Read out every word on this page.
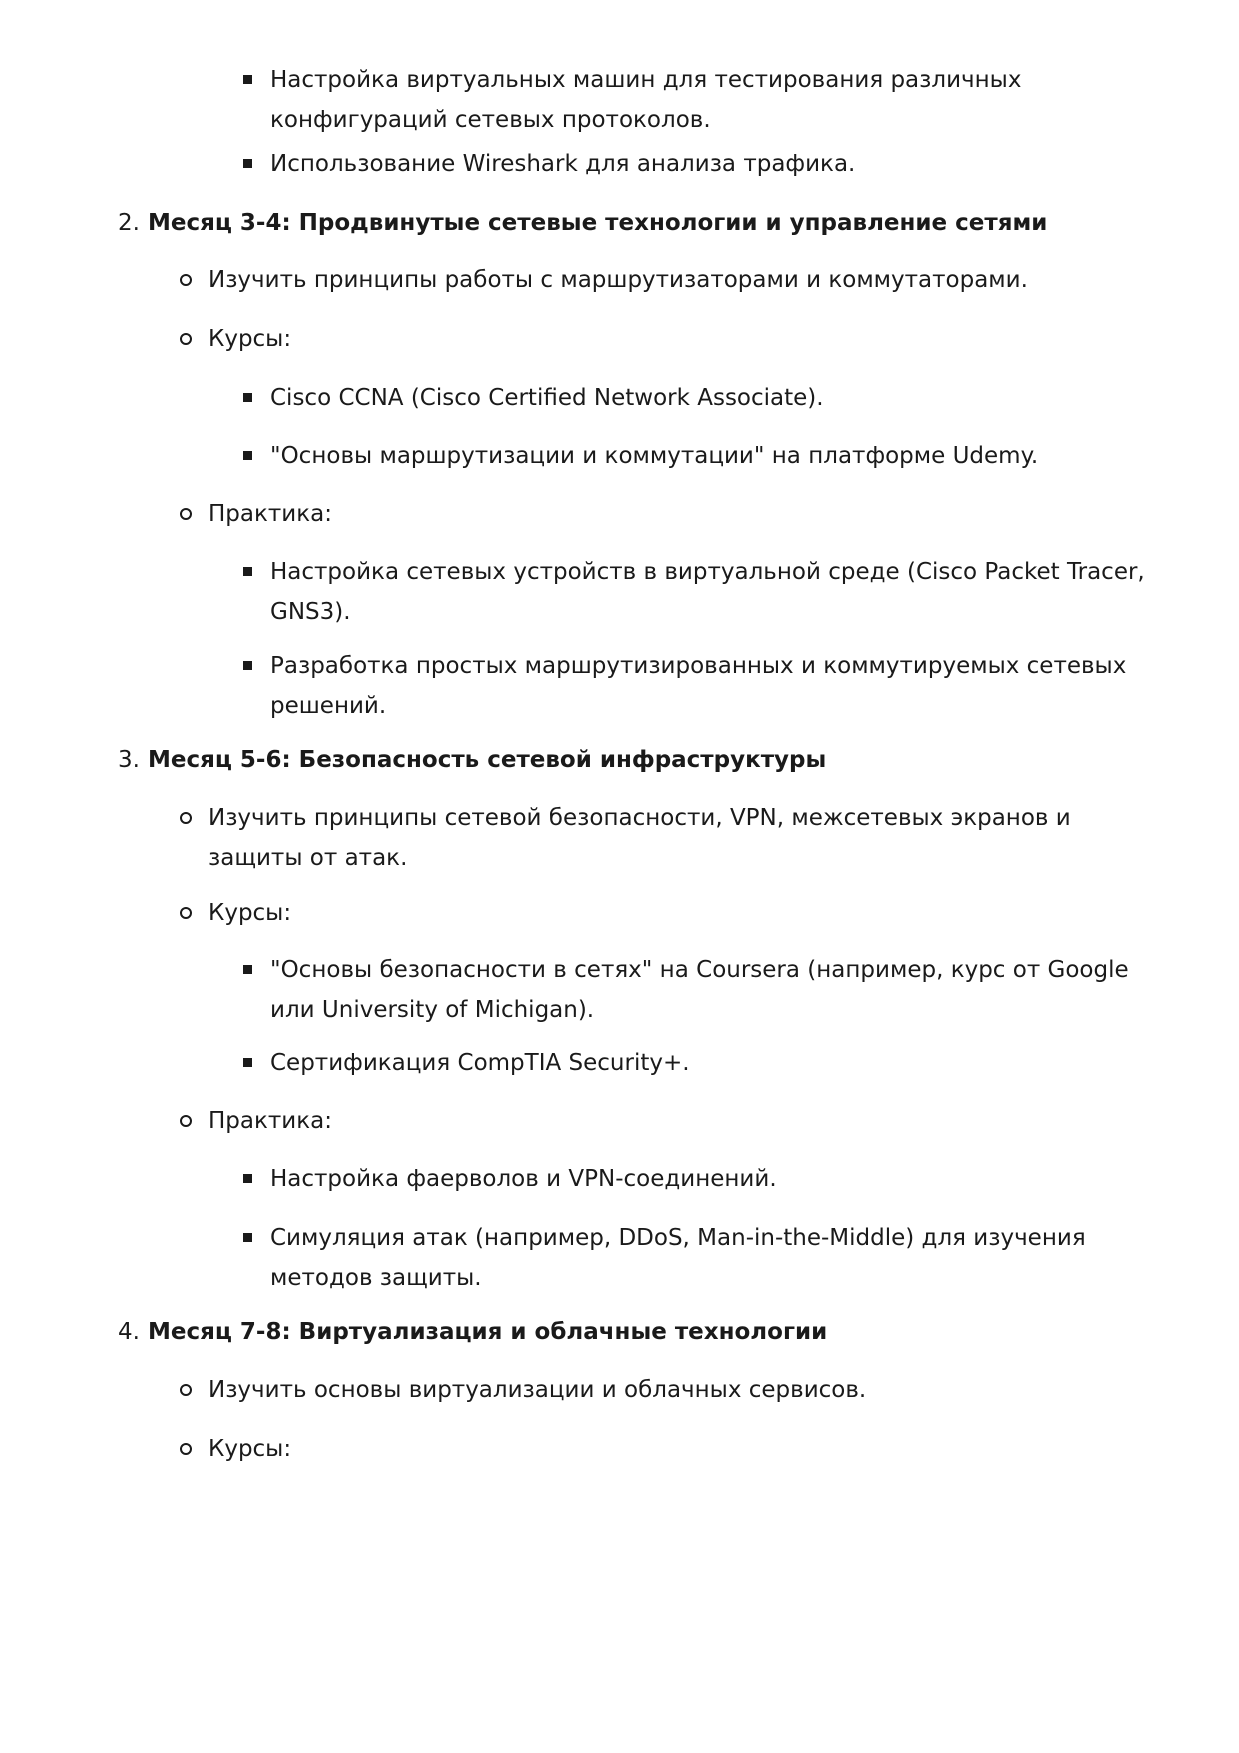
Настройка виртуальных машин для тестирования различных конфигураций сетевых протоколов.
Использование Wireshark для анализа трафика.
2. Месяц 3-4: Продвинутые сетевые технологии и управление сетями
Изучить принципы работы с маршрутизаторами и коммутаторами.
Курсы:
Cisco CCNA (Cisco Certified Network Associate).
"Основы маршрутизации и коммутации" на платформе Udemy.
Практика:
Настройка сетевых устройств в виртуальной среде (Cisco Packet Tracer, GNS3).
Разработка простых маршрутизированных и коммутируемых сетевых решений.
3. Месяц 5-6: Безопасность сетевой инфраструктуры
Изучить принципы сетевой безопасности, VPN, межсетевых экранов и защиты от атак.
Курсы:
"Основы безопасности в сетях" на Coursera (например, курс от Google или University of Michigan).
Сертификация CompTIA Security+.
Практика:
Настройка фаерволов и VPN-соединений.
Симуляция атак (например, DDoS, Man-in-the-Middle) для изучения методов защиты.
4. Месяц 7-8: Виртуализация и облачные технологии
Изучить основы виртуализации и облачных сервисов.
Курсы:
